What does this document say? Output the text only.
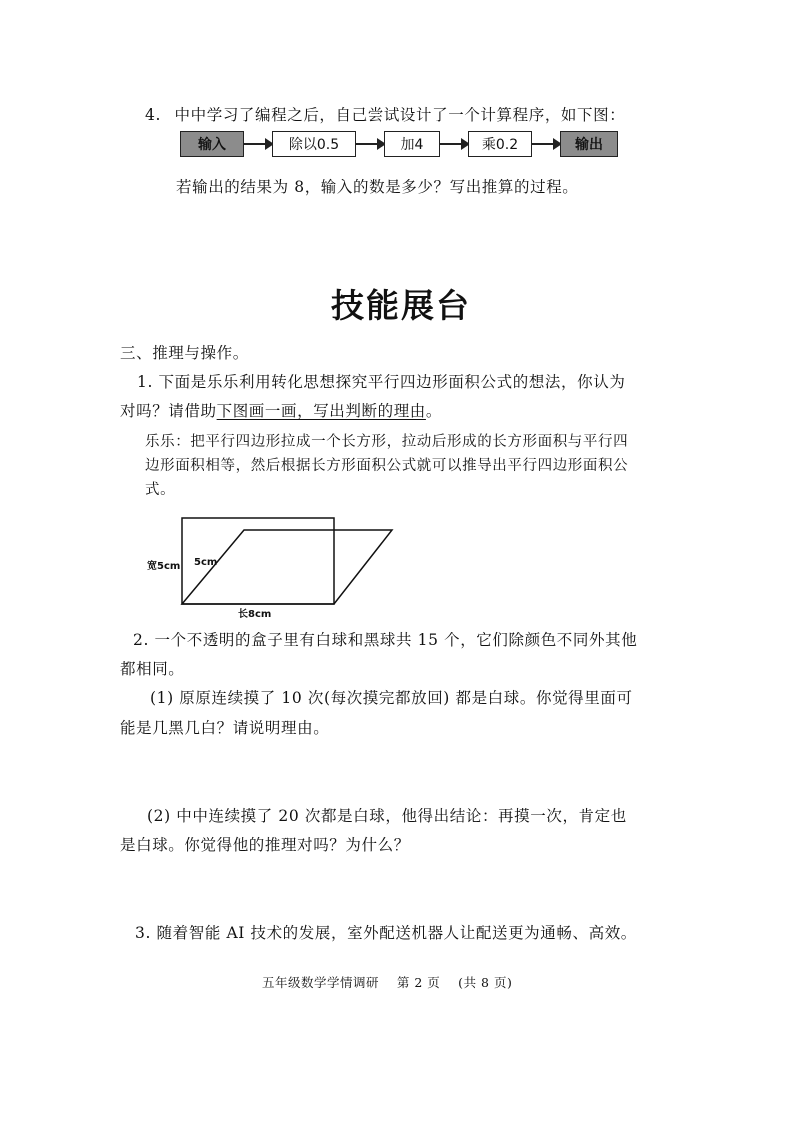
4. 中中学习了编程之后，自己尝试设计了一个计算程序，如下图：
输入	除以0.5	加4	乘0.2	输出
若输出的结果为 8，输入的数是多少？写出推算的过程。
技能展台
三、推理与操作。
1. 下面是乐乐利用转化思想探究平行四边形面积公式的想法，你认为
对吗？请借助下图画一画，写出判断的理由。
乐乐：把平行四边形拉成一个长方形，拉动后形成的长方形面积与平行四
边形面积相等，然后根据长方形面积公式就可以推导出平行四边形面积公
式。
宽5cm 5cm
长8cm
2. 一个不透明的盒子里有白球和黑球共 15 个，它们除颜色不同外其他
都相同。
(1) 原原连续摸了 10 次(每次摸完都放回) 都是白球。你觉得里面可
能是几黑几白？请说明理由。
(2) 中中连续摸了 20 次都是白球，他得出结论：再摸一次，肯定也
是白球。你觉得他的推理对吗？为什么？
3. 随着智能 AI 技术的发展，室外配送机器人让配送更为通畅、高效。
五年级数学学情调研    第 2 页    (共 8 页)
